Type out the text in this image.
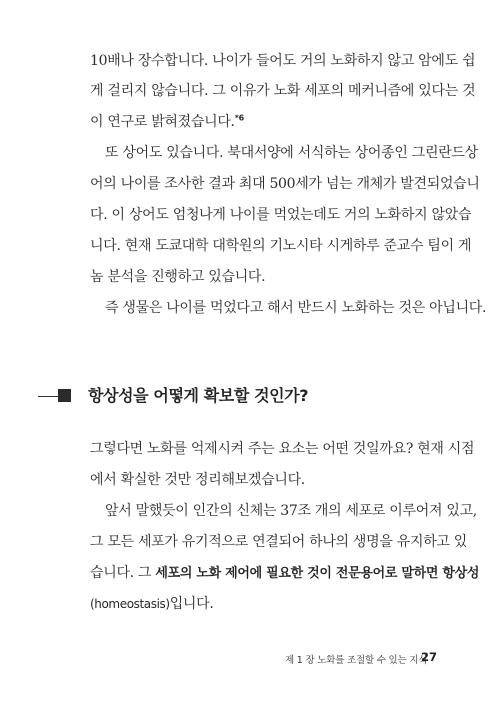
10배나 장수합니다. 나이가 들어도 거의 노화하지 않고 암에도 쉽
게 걸리지 않습니다. 그 이유가 노화 세포의 메커니즘에 있다는 것
이 연구로 밝혀졌습니다.$^{*6}$
또 상어도 있습니다. 북대서양에 서식하는 상어종인 그린란드상
어의 나이를 조사한 결과 최대 500세가 넘는 개체가 발견되었습니
다. 이 상어도 엄청나게 나이를 먹었는데도 거의 노화하지 않았습
니다. 현재 도쿄대학 대학원의 기노시타 시게하루 준교수 팀이 게
놈 분석을 진행하고 있습니다.
즉 생물은 나이를 먹었다고 해서 반드시 노화하는 것은 아닙니다.
항상성을 어떻게 확보할 것인가?
그렇다면 노화를 억제시켜 주는 요소는 어떤 것일까요? 현재 시점
에서 확실한 것만 정리해보겠습니다.
앞서 말했듯이 인간의 신체는 37조 개의 세포로 이루어져 있고,
그 모든 세포가 유기적으로 연결되어 하나의 생명을 유지하고 있
습니다. 그 세포의 노화 제어에 필요한 것이 전문용어로 말하면 항상성
(homeostasis)입니다.
제 1 장 노화를 조절할 수 있는 지식
27
